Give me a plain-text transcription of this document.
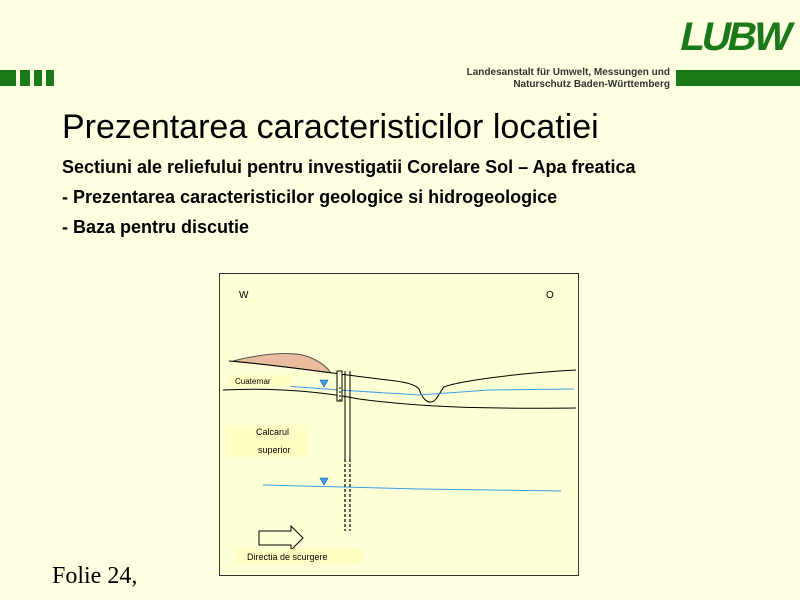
LUBW
Landesanstalt für Umwelt, Messungen und
Naturschutz Baden-Württemberg
Prezentarea caracteristicilor locatiei
Sectiuni ale reliefului pentru investigatii Corelare Sol – Apa freatica
- Prezentarea caracteristicilor geologice si hidrogeologice
- Baza pentru discutie
W	O
Cuaternar
Calcarul
superior
Directia de scurgere
Folie 24,
